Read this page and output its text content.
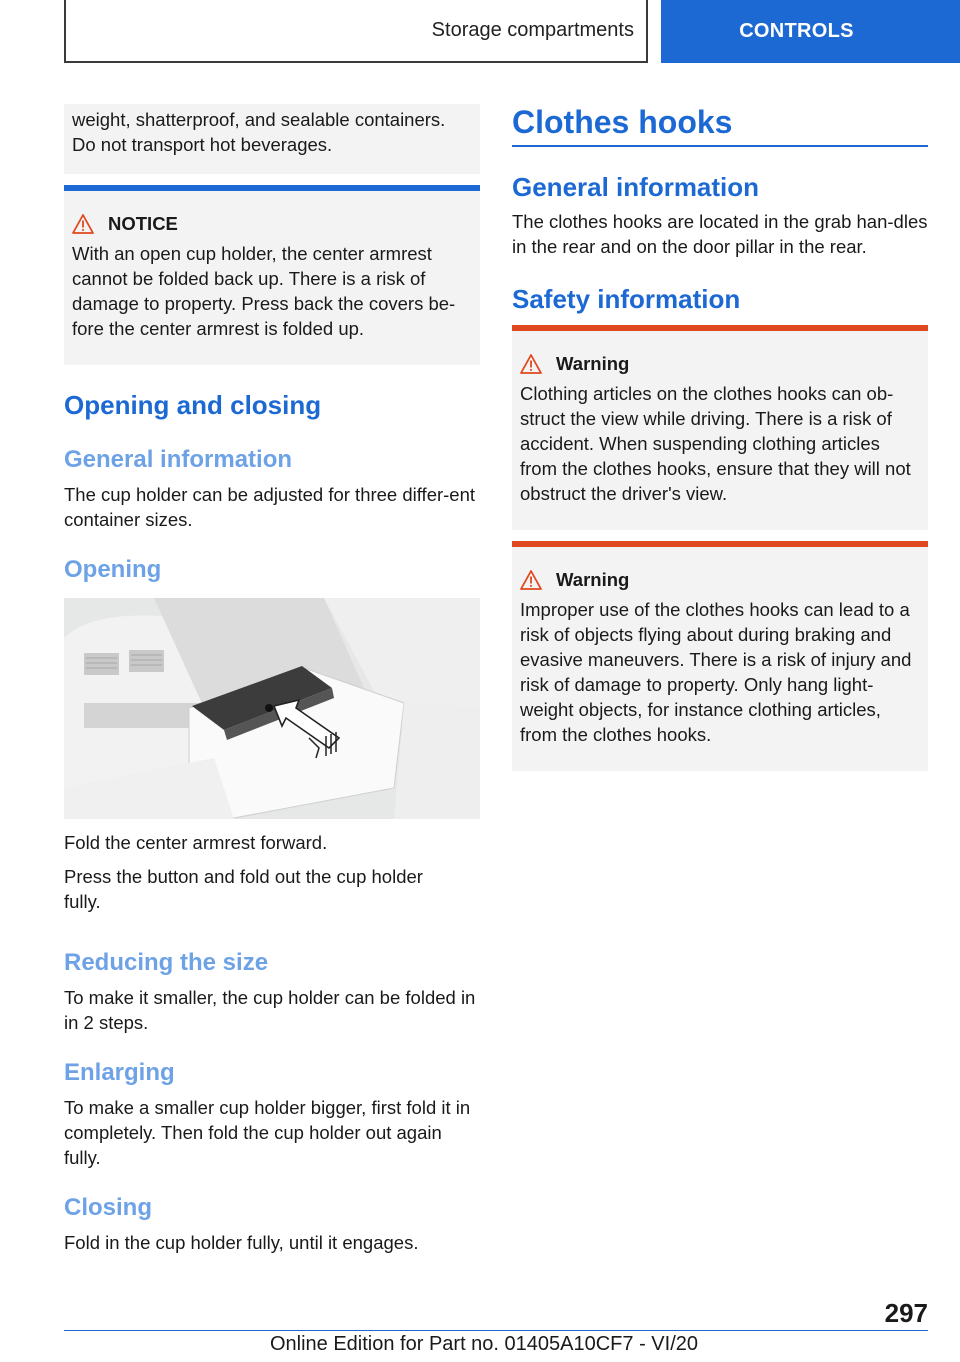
Storage compartments	CONTROLS

weight, shatterproof, and sealable containers. Do not transport hot beverages.

NOTICE

With an open cup holder, the center armrest cannot be folded back up. There is a risk of damage to property. Press back the covers be-fore the center armrest is folded up.

Opening and closing
General information

The cup holder can be adjusted for three differ-ent container sizes.

Opening

Fold the center armrest forward.

Press the button and fold out the cup holder fully.

Reducing the size

To make it smaller, the cup holder can be folded in in 2 steps.

Enlarging

To make a smaller cup holder bigger, first fold it in completely. Then fold the cup holder out again fully.

Closing

Fold in the cup holder fully, until it engages.

Clothes hooks
General information

The clothes hooks are located in the grab han-dles in the rear and on the door pillar in the rear.

Safety information

Warning

Clothing articles on the clothes hooks can ob-struct the view while driving. There is a risk of accident. When suspending clothing articles from the clothes hooks, ensure that they will not obstruct the driver's view.

Warning

Improper use of the clothes hooks can lead to a risk of objects flying about during braking and evasive maneuvers. There is a risk of injury and risk of damage to property. Only hang light-weight objects, for instance clothing articles, from the clothes hooks.

297
Online Edition for Part no. 01405A10CF7 - VI/20
